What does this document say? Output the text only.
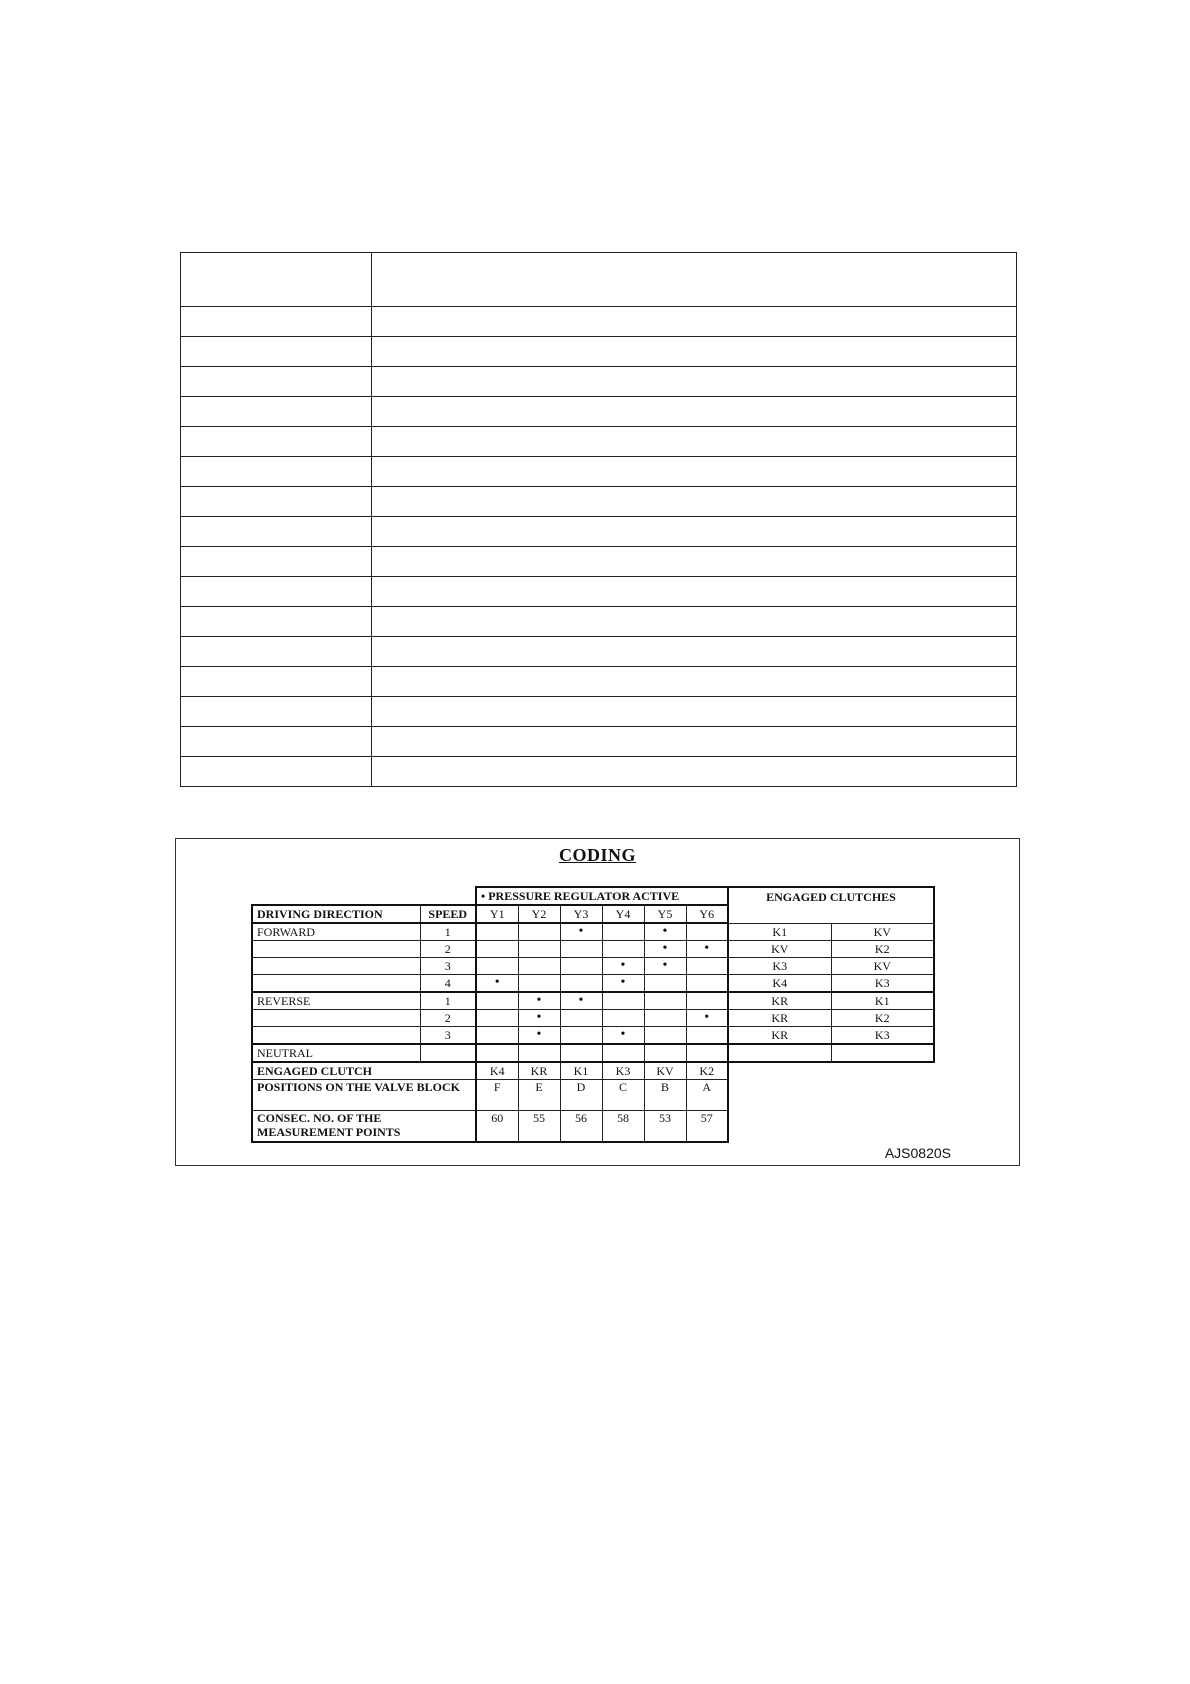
CODING
		• PRESSURE REGULATOR ACTIVE						ENGAGED CLUTCHES	
DRIVING DIRECTION	SPEED	Y1	Y2	Y3	Y4	Y5	Y6		
FORWARD	1			•		•		K1	KV
	2					•	•	KV	K2
	3				•	•		K3	KV
	4	•			•			K4	K3
REVERSE	1		•	•				KR	K1
	2		•				•	KR	K2
	3		•		•			KR	K3
NEUTRAL									
ENGAGED CLUTCH		K4	KR	K1	K3	KV	K2		
POSITIONS ON THE VALVE BLOCK		F	E	D	C	B	A		
CONSEC. NO. OF THE MEASUREMENT POINTS		60	55	56	58	53	57		
AJS0820S
